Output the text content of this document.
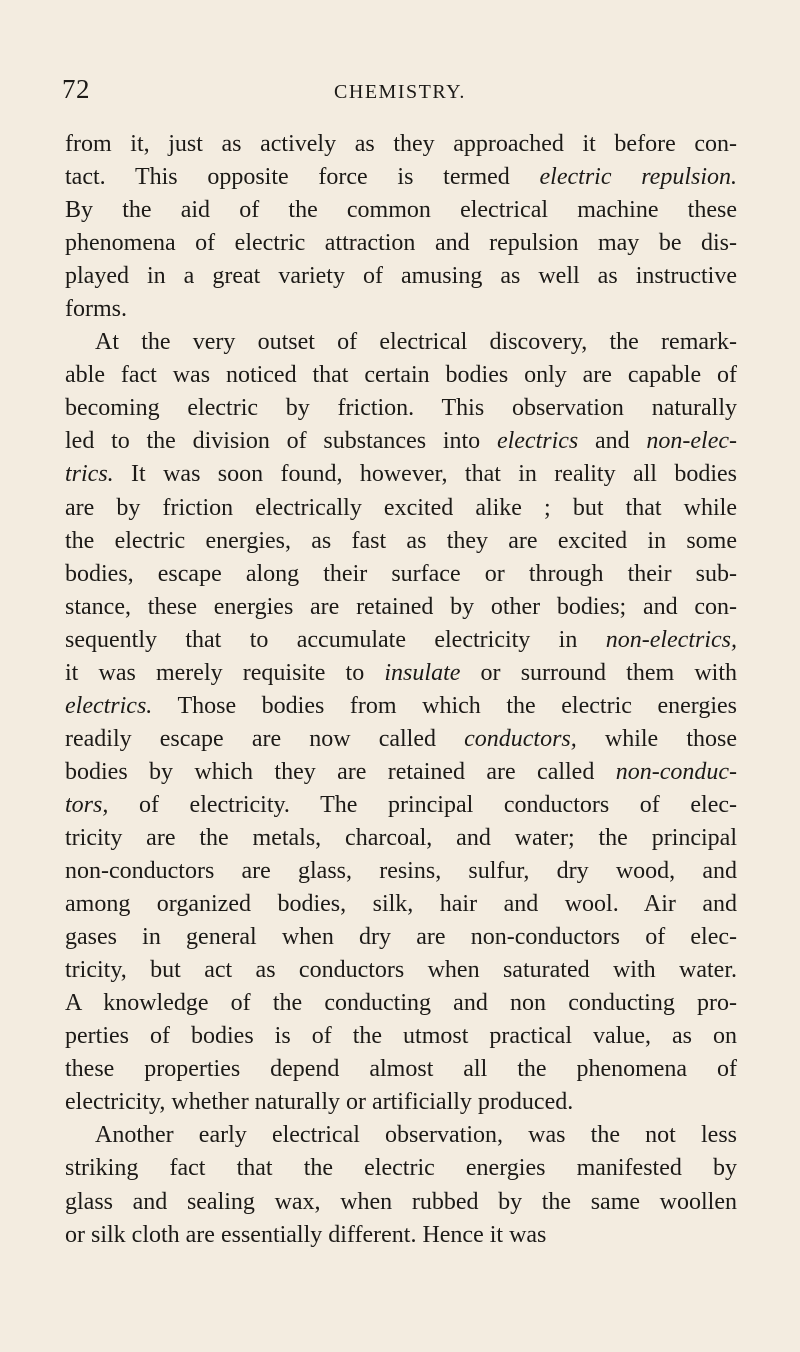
72	CHEMISTRY.
from it, just as actively as they approached it before con-
tact. This opposite force is termed electric repulsion.
By the aid of the common electrical machine these
phenomena of electric attraction and repulsion may be dis-
played in a great variety of amusing as well as instructive
forms.
At the very outset of electrical discovery, the remark-
able fact was noticed that certain bodies only are capable of
becoming electric by friction. This observation naturally
led to the division of substances into electrics and non-elec-
trics. It was soon found, however, that in reality all bodies
are by friction electrically excited alike ; but that while
the electric energies, as fast as they are excited in some
bodies, escape along their surface or through their sub-
stance, these energies are retained by other bodies; and con-
sequently that to accumulate electricity in non-electrics,
it was merely requisite to insulate or surround them with
electrics. Those bodies from which the electric energies
readily escape are now called conductors, while those
bodies by which they are retained are called non-conduc-
tors, of electricity. The principal conductors of elec-
tricity are the metals, charcoal, and water; the principal
non-conductors are glass, resins, sulfur, dry wood, and
among organized bodies, silk, hair and wool. Air and
gases in general when dry are non-conductors of elec-
tricity, but act as conductors when saturated with water.
A knowledge of the conducting and non conducting pro-
perties of bodies is of the utmost practical value, as on
these properties depend almost all the phenomena of
electricity, whether naturally or artificially produced.
Another early electrical observation, was the not less
striking fact that the electric energies manifested by
glass and sealing wax, when rubbed by the same woollen
or silk cloth are essentially different. Hence it was
